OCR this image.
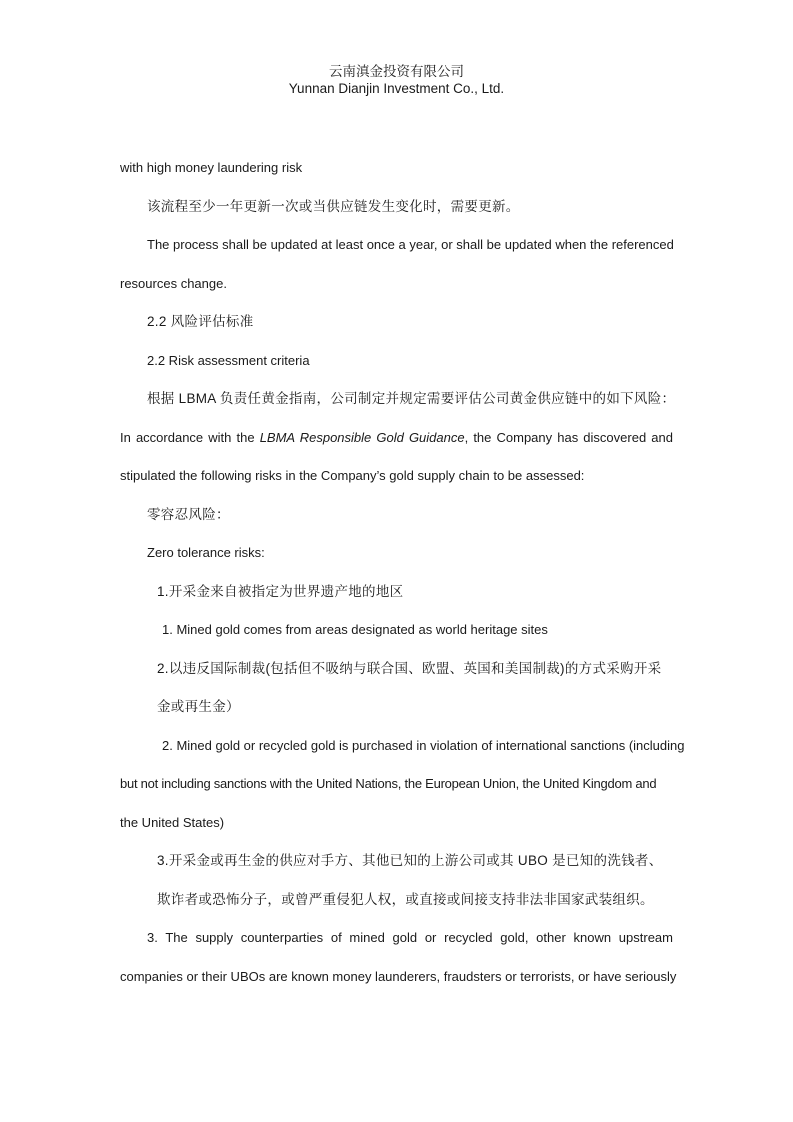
云南滇金投资有限公司
Yunnan Dianjin Investment Co., Ltd.
with high money laundering risk
该流程至少一年更新一次或当供应链发生变化时，需要更新。
The process shall be updated at least once a year, or shall be updated when the referenced
resources change.
2.2 风险评估标准
2.2 Risk assessment criteria
根据 LBMA 负责任黄金指南，公司制定并规定需要评估公司黄金供应链中的如下风险：
In accordance with the LBMA Responsible Gold Guidance, the Company has discovered and
stipulated the following risks in the Company’s gold supply chain to be assessed:
零容忍风险：
Zero tolerance risks:
1.开采金来自被指定为世界遗产地的地区
1. Mined gold comes from areas designated as world heritage sites
2.以违反国际制裁(包括但不吸纳与联合国、欧盟、英国和美国制裁)的方式采购开采
金或再生金）
2. Mined gold or recycled gold is purchased in violation of international sanctions (including
but not including sanctions with the United Nations, the European Union, the United Kingdom and
the United States)
3.开采金或再生金的供应对手方、其他已知的上游公司或其 UBO 是已知的洗钱者、
欺诈者或恐怖分子，或曾严重侵犯人权，或直接或间接支持非法非国家武装组织。
3. The supply counterparties of mined gold or recycled gold, other known upstream
companies or their UBOs are known money launderers, fraudsters or terrorists, or have seriously
